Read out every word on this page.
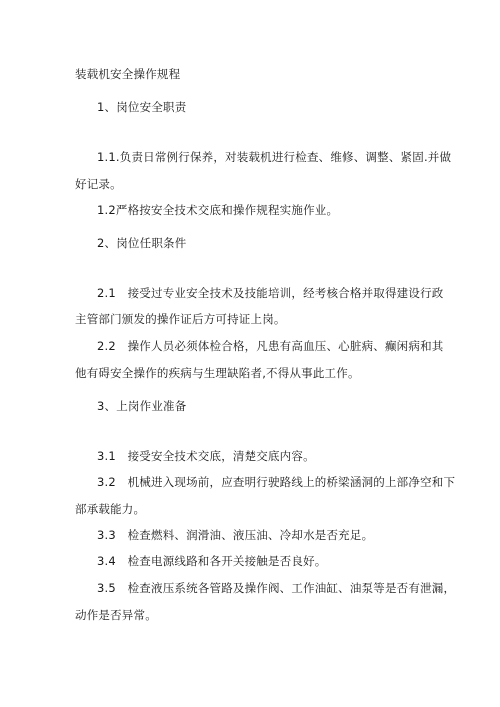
装载机安全操作规程
1、岗位安全职责
1.1.负责日常例行保养，对装载机进行检查、维修、调整、紧固.并做
好记录。
1.2严格按安全技术交底和操作规程实施作业。
2、岗位任职条件
2.1　接受过专业安全技术及技能培训，经考核合格并取得建设行政
主管部门颁发的操作证后方可持证上岗。
2.2　操作人员必须体检合格，凡患有高血压、心脏病、癫闲病和其
他有碍安全操作的疾病与生理缺陷者,不得从事此工作。
3、上岗作业准备
3.1　接受安全技术交底，清楚交底内容。
3.2　机械进入现场前，应查明行驶路线上的桥梁涵洞的上部净空和下
部承载能力。
3.3　检查燃料、润滑油、液压油、冷却水是否充足。
3.4　检查电源线路和各开关接触是否良好。
3.5　检查液压系统各管路及操作阀、工作油缸、油泵等是否有泄漏，
动作是否异常。
